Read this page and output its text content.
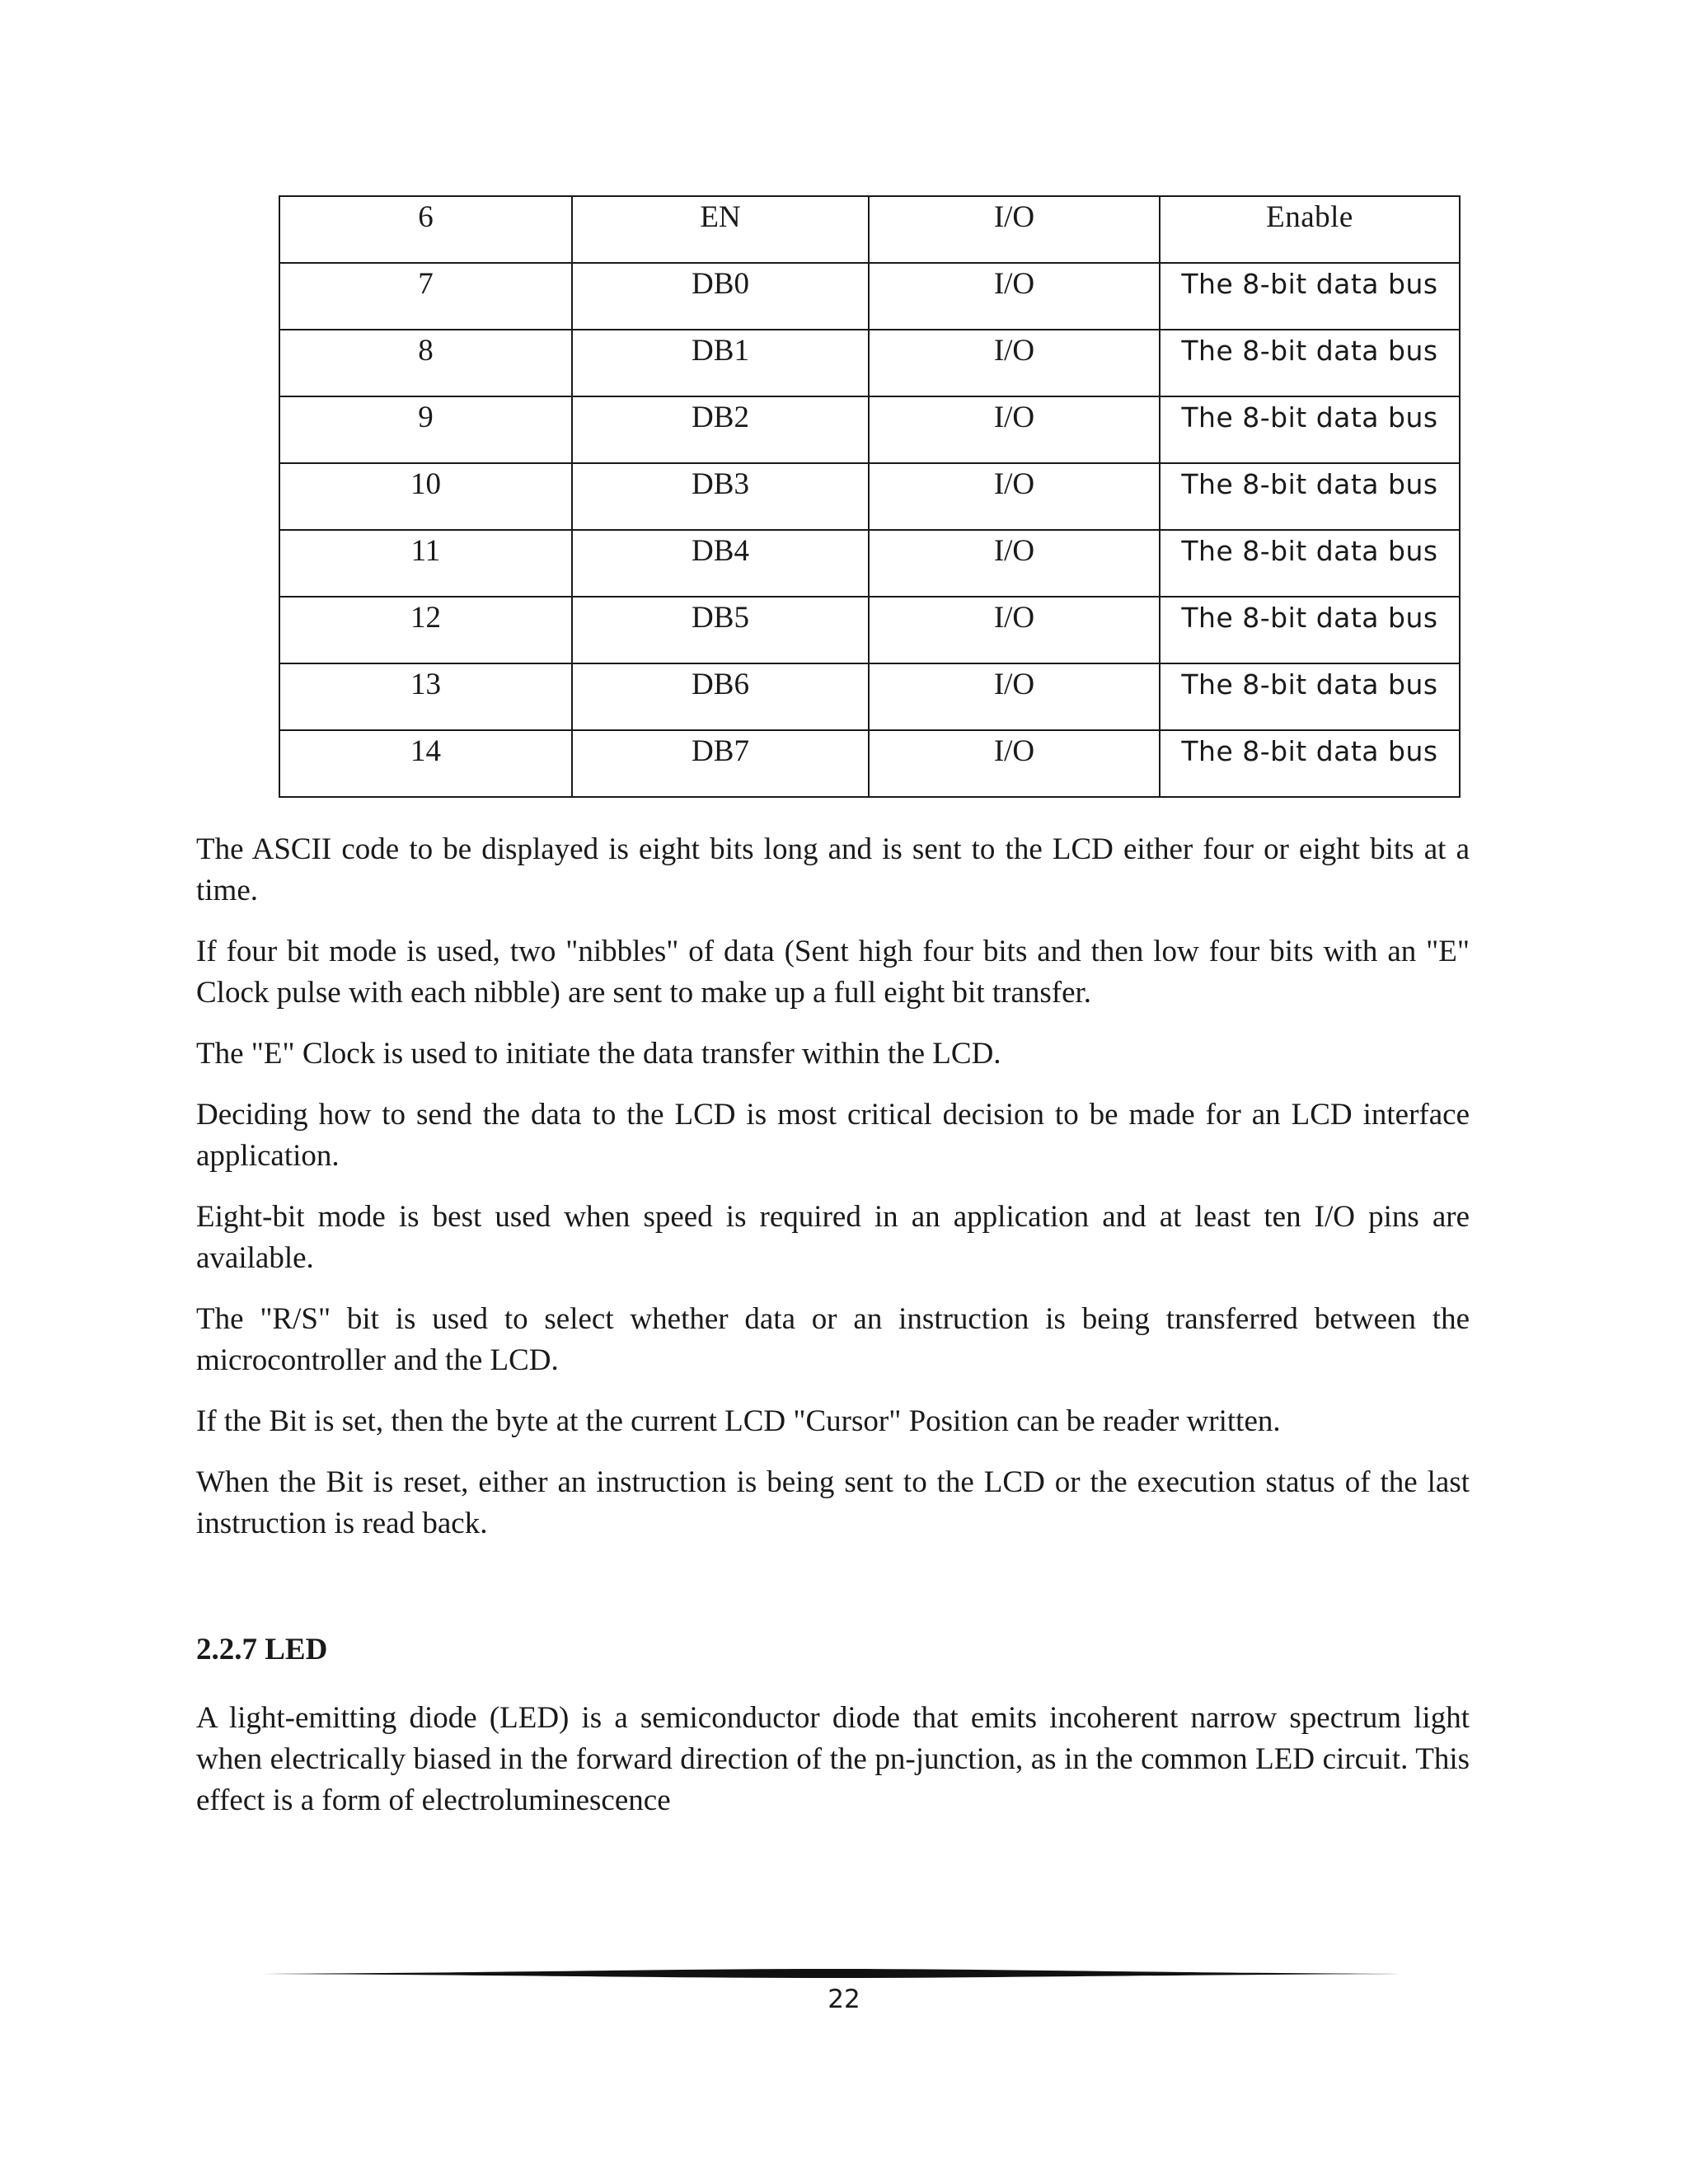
6	EN	I/O	Enable
7	DB0	I/O	The 8-bit data bus
8	DB1	I/O	The 8-bit data bus
9	DB2	I/O	The 8-bit data bus
10	DB3	I/O	The 8-bit data bus
11	DB4	I/O	The 8-bit data bus
12	DB5	I/O	The 8-bit data bus
13	DB6	I/O	The 8-bit data bus
14	DB7	I/O	The 8-bit data bus

The ASCII code to be displayed is eight bits long and is sent to the LCD either four or eight bits at a time.

If four bit mode is used, two "nibbles" of data (Sent high four bits and then low four bits with an "E" Clock pulse with each nibble) are sent to make up a full eight bit transfer.

The "E" Clock is used to initiate the data transfer within the LCD.

Deciding how to send the data to the LCD is most critical decision to be made for an LCD interface application.

Eight-bit mode is best used when speed is required in an application and at least ten I/O pins are available.

The "R/S" bit is used to select whether data or an instruction is being transferred between the microcontroller and the LCD.

If the Bit is set, then the byte at the current LCD "Cursor" Position can be reader written.

When the Bit is reset, either an instruction is being sent to the LCD or the execution status of the last instruction is read back.

2.2.7 LED

A light-emitting diode (LED) is a semiconductor diode that emits incoherent narrow spectrum light when electrically biased in the forward direction of the pn-junction, as in the common LED circuit. This effect is a form of electroluminescence

22
